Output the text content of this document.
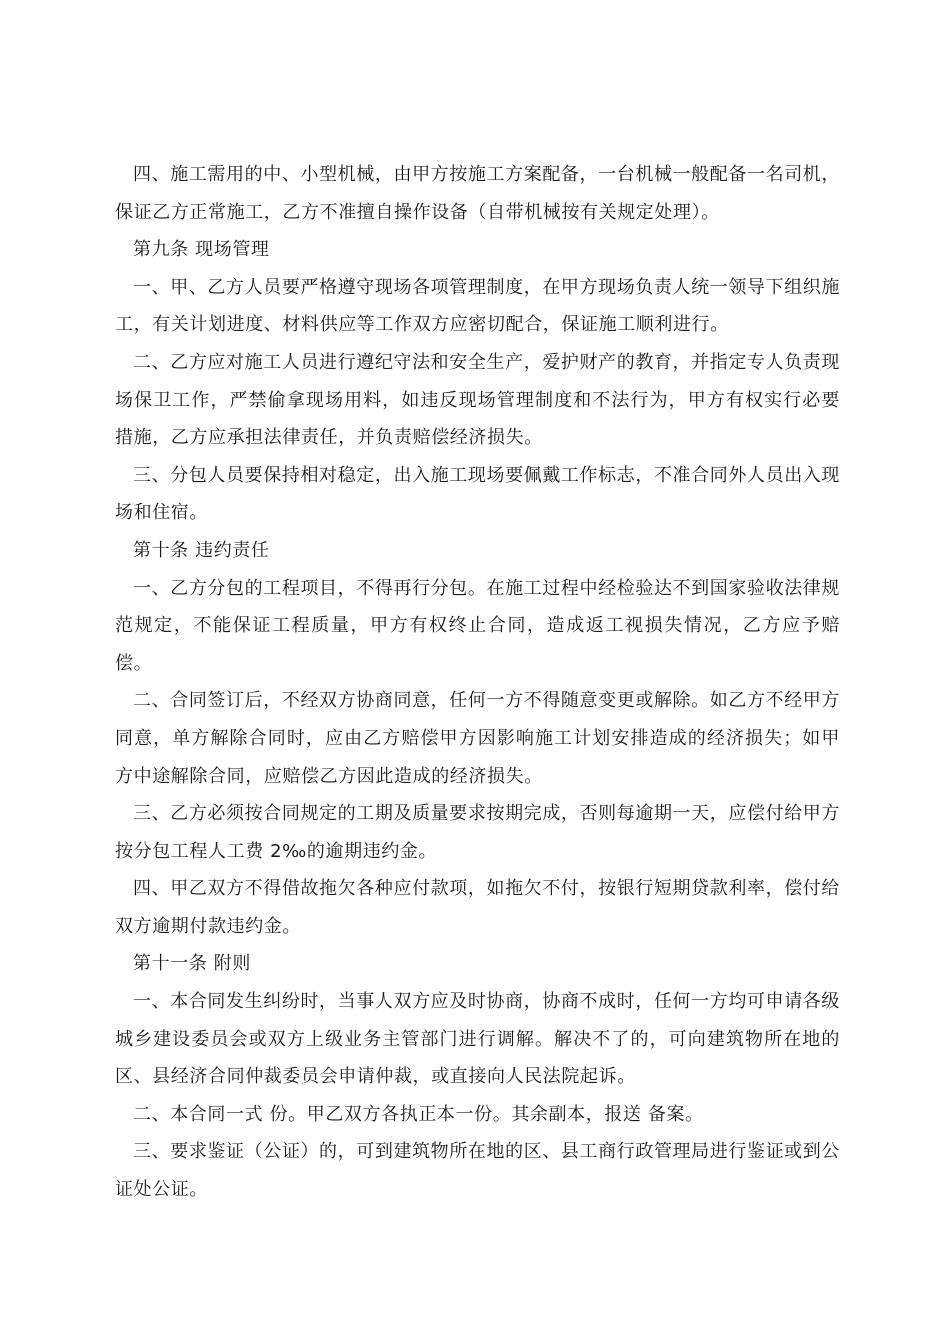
四、施工需用的中、小型机械，由甲方按施工方案配备，一台机械一般配备一名司机，保证乙方正常施工，乙方不准擅自操作设备（自带机械按有关规定处理）。

第九条 现场管理

一、甲、乙方人员要严格遵守现场各项管理制度，在甲方现场负责人统一领导下组织施工，有关计划进度、材料供应等工作双方应密切配合，保证施工顺利进行。

二、乙方应对施工人员进行遵纪守法和安全生产，爱护财产的教育，并指定专人负责现场保卫工作，严禁偷拿现场用料，如违反现场管理制度和不法行为，甲方有权实行必要措施，乙方应承担法律责任，并负责赔偿经济损失。

三、分包人员要保持相对稳定，出入施工现场要佩戴工作标志，不准合同外人员出入现场和住宿。

第十条 违约责任

一、乙方分包的工程项目，不得再行分包。在施工过程中经检验达不到国家验收法律规范规定，不能保证工程质量，甲方有权终止合同，造成返工视损失情况，乙方应予赔偿。

二、合同签订后，不经双方协商同意，任何一方不得随意变更或解除。如乙方不经甲方同意，单方解除合同时，应由乙方赔偿甲方因影响施工计划安排造成的经济损失；如甲方中途解除合同，应赔偿乙方因此造成的经济损失。

三、乙方必须按合同规定的工期及质量要求按期完成，否则每逾期一天，应偿付给甲方按分包工程人工费 2‰的逾期违约金。

四、甲乙双方不得借故拖欠各种应付款项，如拖欠不付，按银行短期贷款利率，偿付给双方逾期付款违约金。

第十一条 附则

一、本合同发生纠纷时，当事人双方应及时协商，协商不成时，任何一方均可申请各级城乡建设委员会或双方上级业务主管部门进行调解。解决不了的，可向建筑物所在地的区、县经济合同仲裁委员会申请仲裁，或直接向人民法院起诉。

二、本合同一式 份。甲乙双方各执正本一份。其余副本，报送 备案。

三、要求鉴证（公证）的，可到建筑物所在地的区、县工商行政管理局进行鉴证或到公证处公证。
